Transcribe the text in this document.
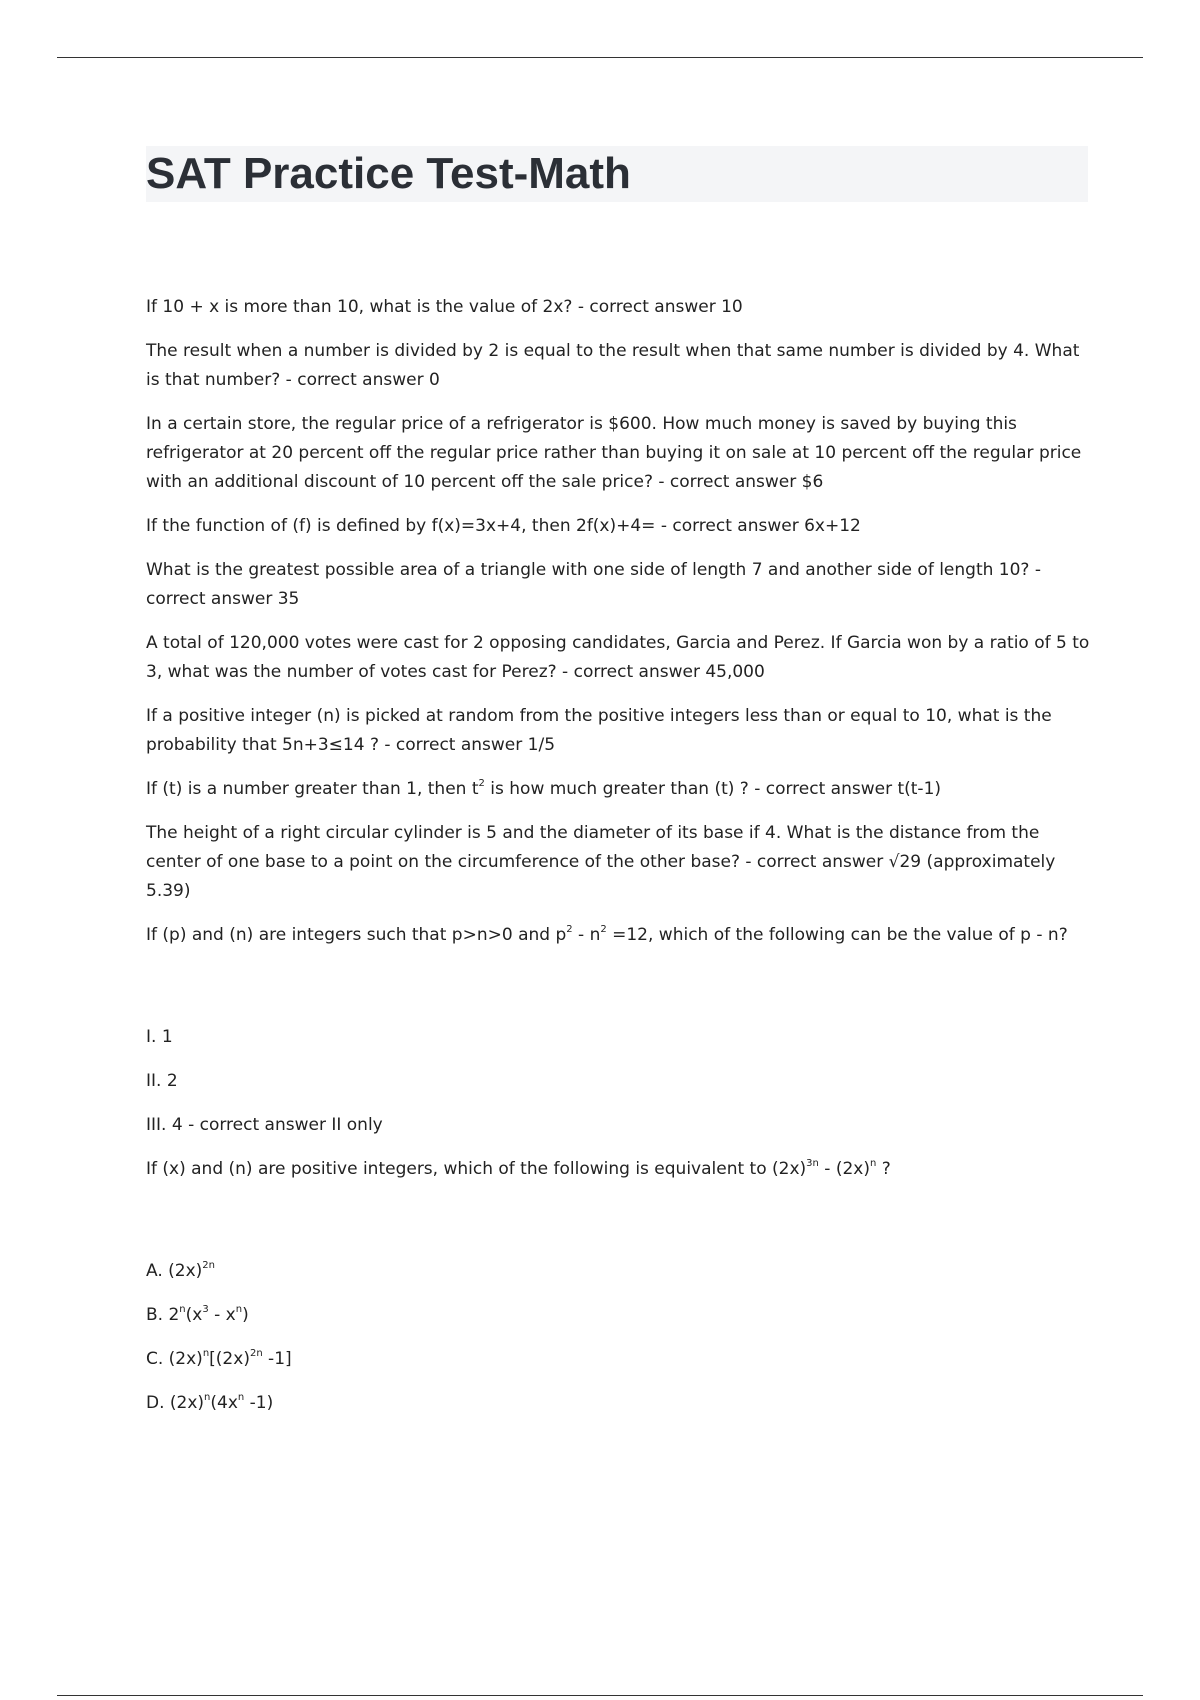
SAT Practice Test-Math

If 10 + x is more than 10, what is the value of 2x? - correct answer 10

The result when a number is divided by 2 is equal to the result when that same number is divided by 4. What is that number? - correct answer 0

In a certain store, the regular price of a refrigerator is $600. How much money is saved by buying this refrigerator at 20 percent off the regular price rather than buying it on sale at 10 percent off the regular price with an additional discount of 10 percent off the sale price? - correct answer $6

If the function of (f) is defined by f(x)=3x+4, then 2f(x)+4= - correct answer 6x+12

What is the greatest possible area of a triangle with one side of length 7 and another side of length 10? - correct answer 35

A total of 120,000 votes were cast for 2 opposing candidates, Garcia and Perez. If Garcia won by a ratio of 5 to 3, what was the number of votes cast for Perez? - correct answer 45,000

If a positive integer (n) is picked at random from the positive integers less than or equal to 10, what is the probability that 5n+3≤14 ? - correct answer 1/5

If (t) is a number greater than 1, then $t^2$ is how much greater than (t) ? - correct answer t(t-1)

The height of a right circular cylinder is 5 and the diameter of its base if 4. What is the distance from the center of one base to a point on the circumference of the other base? - correct answer √29 (approximately 5.39)

If (p) and (n) are integers such that p>n>0 and $p^2 - n^2 =12$, which of the following can be the value of p - n?

I. 1

II. 2

III. 4 - correct answer II only

If (x) and (n) are positive integers, which of the following is equivalent to $(2x)^{3n} - (2x)^n$ ?

A. $(2x)^{2n}$

B. $2^n(x^3 - x^n)$

C. $(2x)^n[(2x)^{2n}$ -1]

D. $(2x)^n(4x^n$ -1)
